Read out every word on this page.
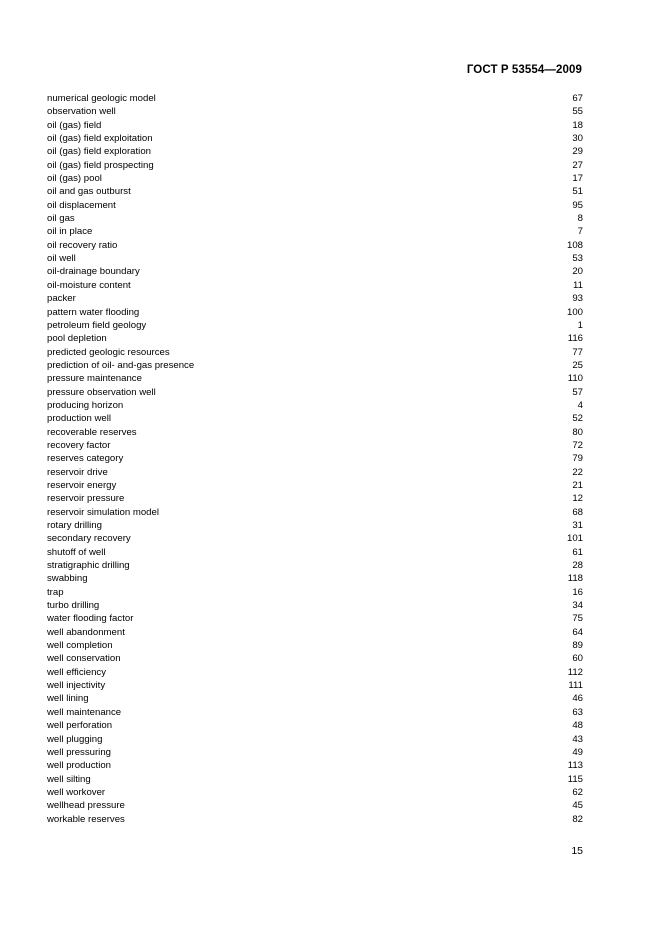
ГОСТ Р 53554—2009
numerical geologic model	67
observation well	55
oil (gas) field	18
oil (gas) field exploitation	30
oil (gas) field exploration	29
oil (gas) field prospecting	27
oil (gas) pool	17
oil and gas outburst	51
oil displacement	95
oil gas	8
oil in place	7
oil recovery ratio	108
oil well	53
oil-drainage boundary	20
oil-moisture content	11
packer	93
pattern water flooding	100
petroleum field geology	1
pool depletion	116
predicted geologic resources	77
prediction of oil- and-gas presence	25
pressure maintenance	110
pressure observation well	57
producing horizon	4
production well	52
recoverable reserves	80
recovery factor	72
reserves category	79
reservoir drive	22
reservoir energy	21
reservoir pressure	12
reservoir simulation model	68
rotary drilling	31
secondary recovery	101
shutoff of well	61
stratigraphic drilling	28
swabbing	118
trap	16
turbo drilling	34
water flooding factor	75
well abandonment	64
well completion	89
well conservation	60
well efficiency	112
well injectivity	111
well lining	46
well maintenance	63
well perforation	48
well plugging	43
well pressuring	49
well production	113
well silting	115
well workover	62
wellhead pressure	45
workable reserves	82
15
